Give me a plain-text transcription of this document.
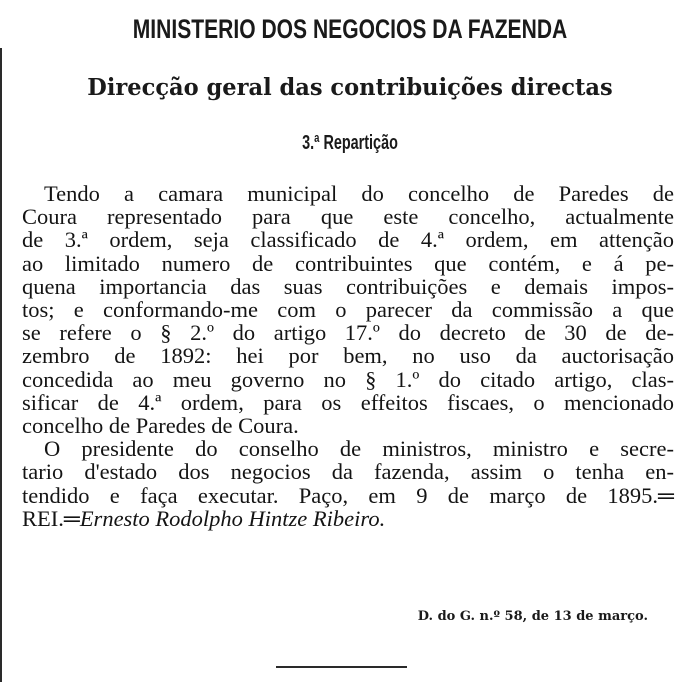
MINISTERIO DOS NEGOCIOS DA FAZENDA
Direcção geral das contribuições directas
3.ª Repartição
Tendo a camara municipal do concelho de Paredes de
Coura representado para que este concelho, actualmente
de 3.ª ordem, seja classificado de 4.ª ordem, em attenção
ao limitado numero de contribuintes que contém, e á pe-
quena importancia das suas contribuições e demais impos-
tos; e conformando-me com o parecer da commissão a que
se refere o § 2.º do artigo 17.º do decreto de 30 de de-
zembro de 1892: hei por bem, no uso da auctorisação
concedida ao meu governo no § 1.º do citado artigo, clas-
sificar de 4.ª ordem, para os effeitos fiscaes, o mencionado
concelho de Paredes de Coura.
O presidente do conselho de ministros, ministro e secre-
tario d'estado dos negocios da fazenda, assim o tenha en-
tendido e faça executar. Paço, em 9 de março de 1895.═
REI.═Ernesto Rodolpho Hintze Ribeiro.
D. do G. n.º 58, de 13 de março.
